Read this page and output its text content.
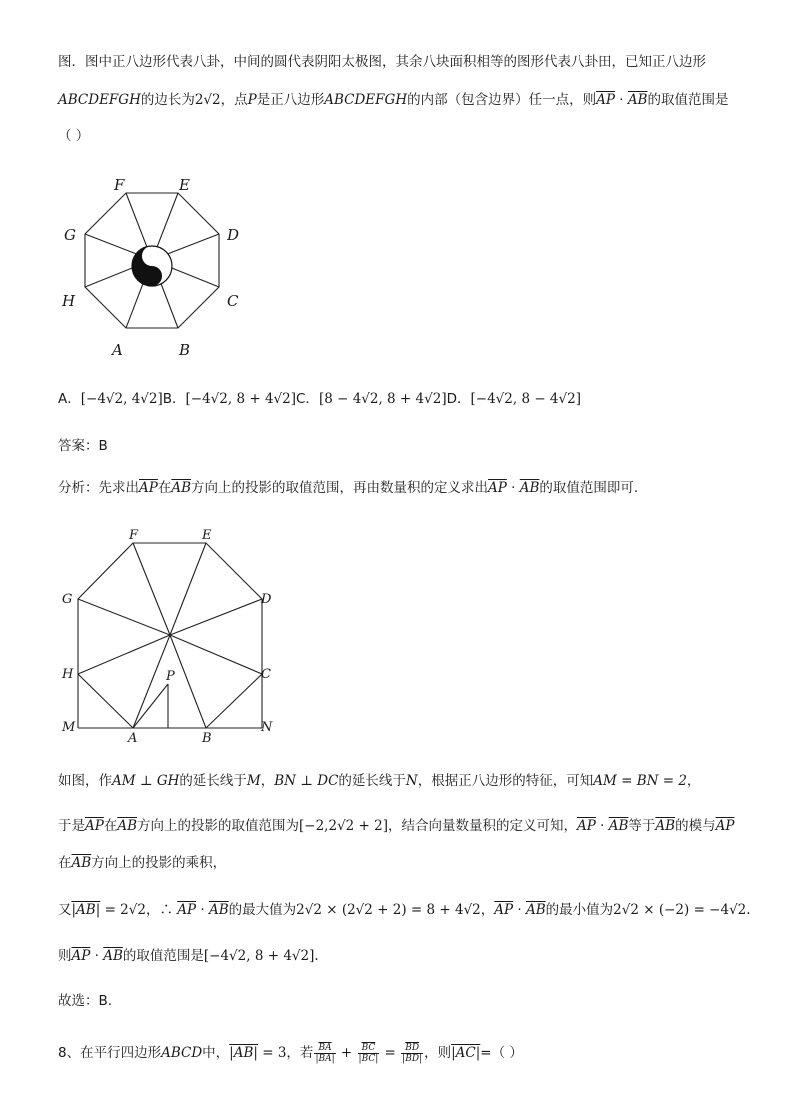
图．图中正八边形代表八卦，中间的圆代表阴阳太极图，其余八块面积相等的图形代表八卦田，已知正八边形
ABCDEFGH的边长为2√2，点P是正八边形ABCDEFGH的内部（包含边界）任一点，则$\overline{AP} \cdot \overline{AB}$的取值范围是
（ ）
F	E
G	D
H	C
A	B
A．[−4√2, 4√2]B．[−4√2, 8 + 4√2]C．[8 − 4√2, 8 + 4√2]D．[−4√2, 8 − 4√2]
答案：B
分析：先求出$\overline{AP}$在$\overline{AB}$方向上的投影的取值范围，再由数量积的定义求出$\overline{AP} \cdot \overline{AB}$的取值范围即可.
F	E
G	D
H	C
P
M
A	B
N
如图，作AM ⊥ GH的延长线于M，BN ⊥ DC的延长线于N，根据正八边形的特征，可知AM = BN = 2，
于是$\overline{AP}$在$\overline{AB}$方向上的投影的取值范围为[−2,2√2 + 2]，结合向量数量积的定义可知，$\overline{AP} \cdot \overline{AB}$等于$\overline{AB}$的模与$\overline{AP}$
在$\overline{AB}$方向上的投影的乘积，
又|AB| = 2√2，∴ $\overline{AP} \cdot \overline{AB}$的最大值为2√2 × (2√2 + 2) = 8 + 4√2，$\overline{AP} \cdot \overline{AB}$的最小值为2√2 × (−2) = −4√2.
则$\overline{AP} \cdot \overline{AB}$的取值范围是[−4√2, 8 + 4√2].
故选：B.
8、在平行四边形ABCD中，|AB| = 3，若 $\frac{\overline{BA}}{|BA|} + \frac{\overline{BC}}{|BC|} = \frac{\overline{BD}}{|BD|}$ ，则|AC|=（ ）
